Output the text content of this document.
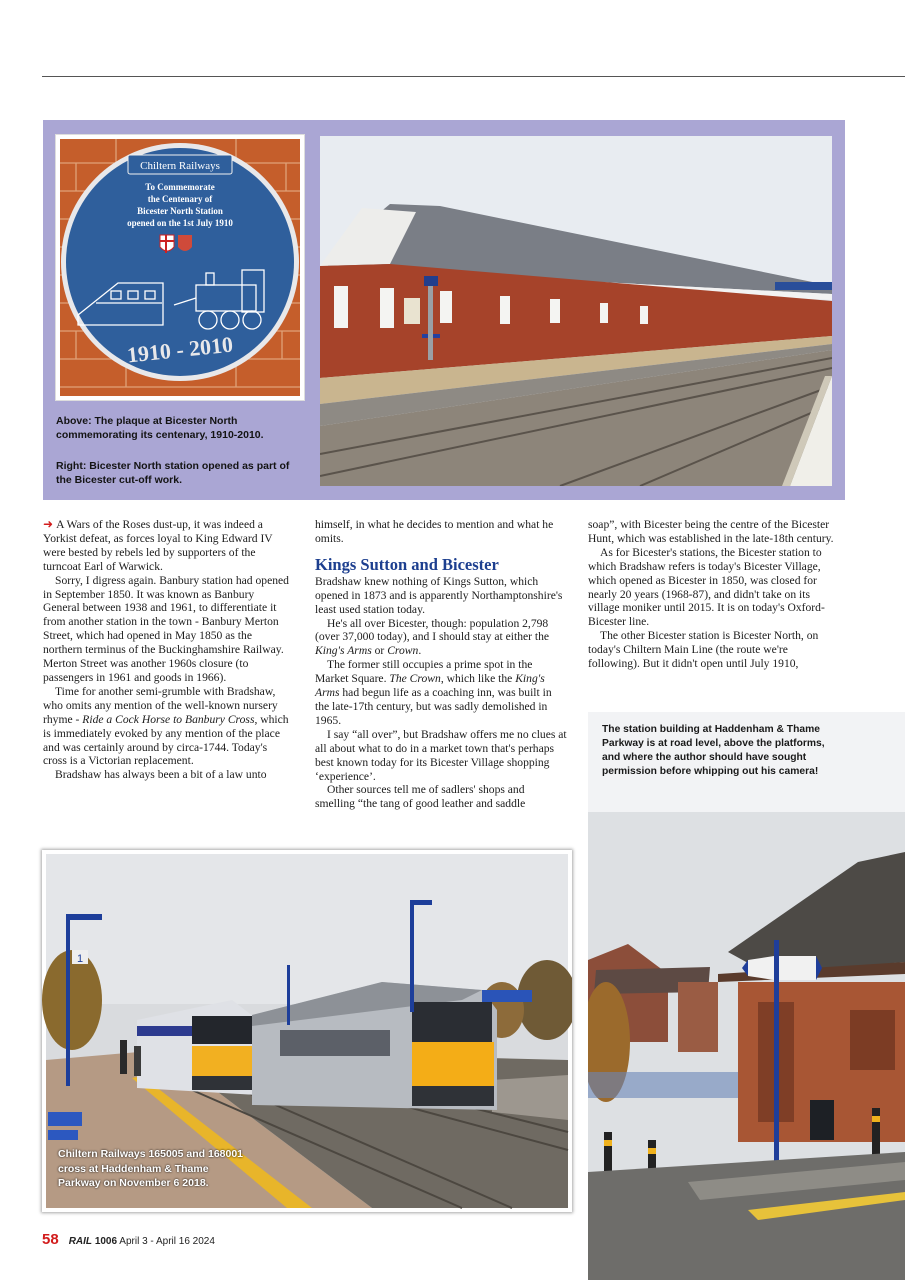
Chiltern Railways
To Commemorate
the Centenary of
Bicester North Station
opened on the 1st July 1910
1910 - 2010
Above: The plaque at Bicester North commemorating its centenary, 1910-2010.
Right: Bicester North station opened as part of the Bicester cut-off work.

➜ A Wars of the Roses dust-up, it was indeed a Yorkist defeat, as forces loyal to King Edward IV were bested by rebels led by supporters of the turncoat Earl of Warwick.

Sorry, I digress again. Banbury station had opened in September 1850. It was known as Banbury General between 1938 and 1961, to differentiate it from another station in the town - Banbury Merton Street, which had opened in May 1850 as the northern terminus of the Buckinghamshire Railway. Merton Street was another 1960s closure (to passengers in 1961 and goods in 1966).

Time for another semi-grumble with Bradshaw, who omits any mention of the well-known nursery rhyme - Ride a Cock Horse to Banbury Cross, which is immediately evoked by any mention of the place and was certainly around by circa-1744. Today's cross is a Victorian replacement.

Bradshaw has always been a bit of a law unto

himself, in what he decides to mention and what he omits.

Kings Sutton and Bicester

Bradshaw knew nothing of Kings Sutton, which opened in 1873 and is apparently Northamptonshire's least used station today.

He's all over Bicester, though: population 2,798 (over 37,000 today), and I should stay at either the King's Arms or Crown.

The former still occupies a prime spot in the Market Square. The Crown, which like the King's Arms had begun life as a coaching inn, was built in the late-17th century, but was sadly demolished in 1965.

I say “all over”, but Bradshaw offers me no clues at all about what to do in a market town that's perhaps best known today for its Bicester Village shopping ‘experience’.

Other sources tell me of sadlers' shops and smelling “the tang of good leather and saddle

soap”, with Bicester being the centre of the Bicester Hunt, which was established in the late-18th century.

As for Bicester's stations, the Bicester station to which Bradshaw refers is today's Bicester Village, which opened as Bicester in 1850, was closed for nearly 20 years (1968-87), and didn't take on its village moniker until 2015. It is on today's Oxford-Bicester line.

The other Bicester station is Bicester North, on today's Chiltern Main Line (the route we're following). But it didn't open until July 1910,

1
Chiltern Railways 165005 and 168001 cross at Haddenham & Thame Parkway on November 6 2018.
The station building at Haddenham & Thame Parkway is at road level, above the platforms, and where the author should have sought permission before whipping out his camera!
58 RAIL 1006 April 3 - April 16 2024
